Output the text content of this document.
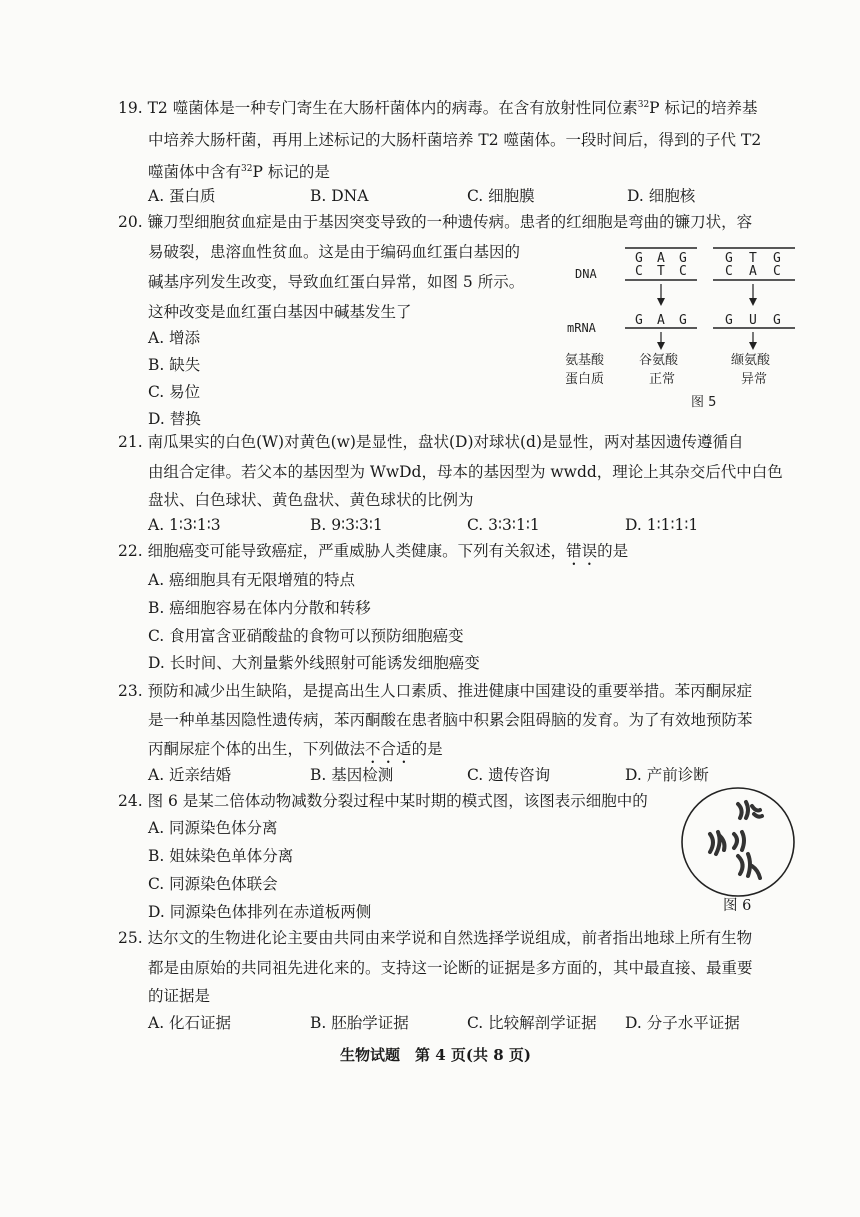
19. T2 噬菌体是一种专门寄生在大肠杆菌体内的病毒。在含有放射性同位素$^{32}$P 标记的培养基
中培养大肠杆菌，再用上述标记的大肠杆菌培养 T2 噬菌体。一段时间后，得到的子代 T2
噬菌体中含有$^{32}$P 标记的是
A. 蛋白质	B. DNA	C. 细胞膜	D. 细胞核
20. 镰刀型细胞贫血症是由于基因突变导致的一种遗传病。患者的红细胞是弯曲的镰刀状，容
易破裂，患溶血性贫血。这是由于编码血红蛋白基因的
碱基序列发生改变，导致血红蛋白异常，如图 5 所示。
这种改变是血红蛋白基因中碱基发生了
A. 增添
B. 缺失
C. 易位
D. 替换
DNA
G A G
C T C
G T G
C A C
mRNA	G A G	G U G
氨基酸
蛋白质
谷氨酸
正常
缬氨酸
异常
图 5
21. 南瓜果实的白色(W)对黄色(w)是显性，盘状(D)对球状(d)是显性，两对基因遗传遵循自
由组合定律。若父本的基因型为 WwDd，母本的基因型为 wwdd，理论上其杂交后代中白色
盘状、白色球状、黄色盘状、黄色球状的比例为
A. 1∶3∶1∶3	B. 9∶3∶3∶1	C. 3∶3∶1∶1	D. 1∶1∶1∶1
22. 细胞癌变可能导致癌症，严重威胁人类健康。下列有关叙述，错误的是
A. 癌细胞具有无限增殖的特点
B. 癌细胞容易在体内分散和转移
C. 食用富含亚硝酸盐的食物可以预防细胞癌变
D. 长时间、大剂量紫外线照射可能诱发细胞癌变
23. 预防和减少出生缺陷，是提高出生人口素质、推进健康中国建设的重要举措。苯丙酮尿症
是一种单基因隐性遗传病，苯丙酮酸在患者脑中积累会阻碍脑的发育。为了有效地预防苯
丙酮尿症个体的出生，下列做法不合适的是
A. 近亲结婚	B. 基因检测	C. 遗传咨询	D. 产前诊断
24. 图 6 是某二倍体动物减数分裂过程中某时期的模式图，该图表示细胞中的
A. 同源染色体分离
B. 姐妹染色单体分离
C. 同源染色体联会
D. 同源染色体排列在赤道板两侧	图 6
25. 达尔文的生物进化论主要由共同由来学说和自然选择学说组成，前者指出地球上所有生物
都是由原始的共同祖先进化来的。支持这一论断的证据是多方面的，其中最直接、最重要
的证据是
A. 化石证据	B. 胚胎学证据	C. 比较解剖学证据 D. 分子水平证据
生物试题　第 4 页(共 8 页)
